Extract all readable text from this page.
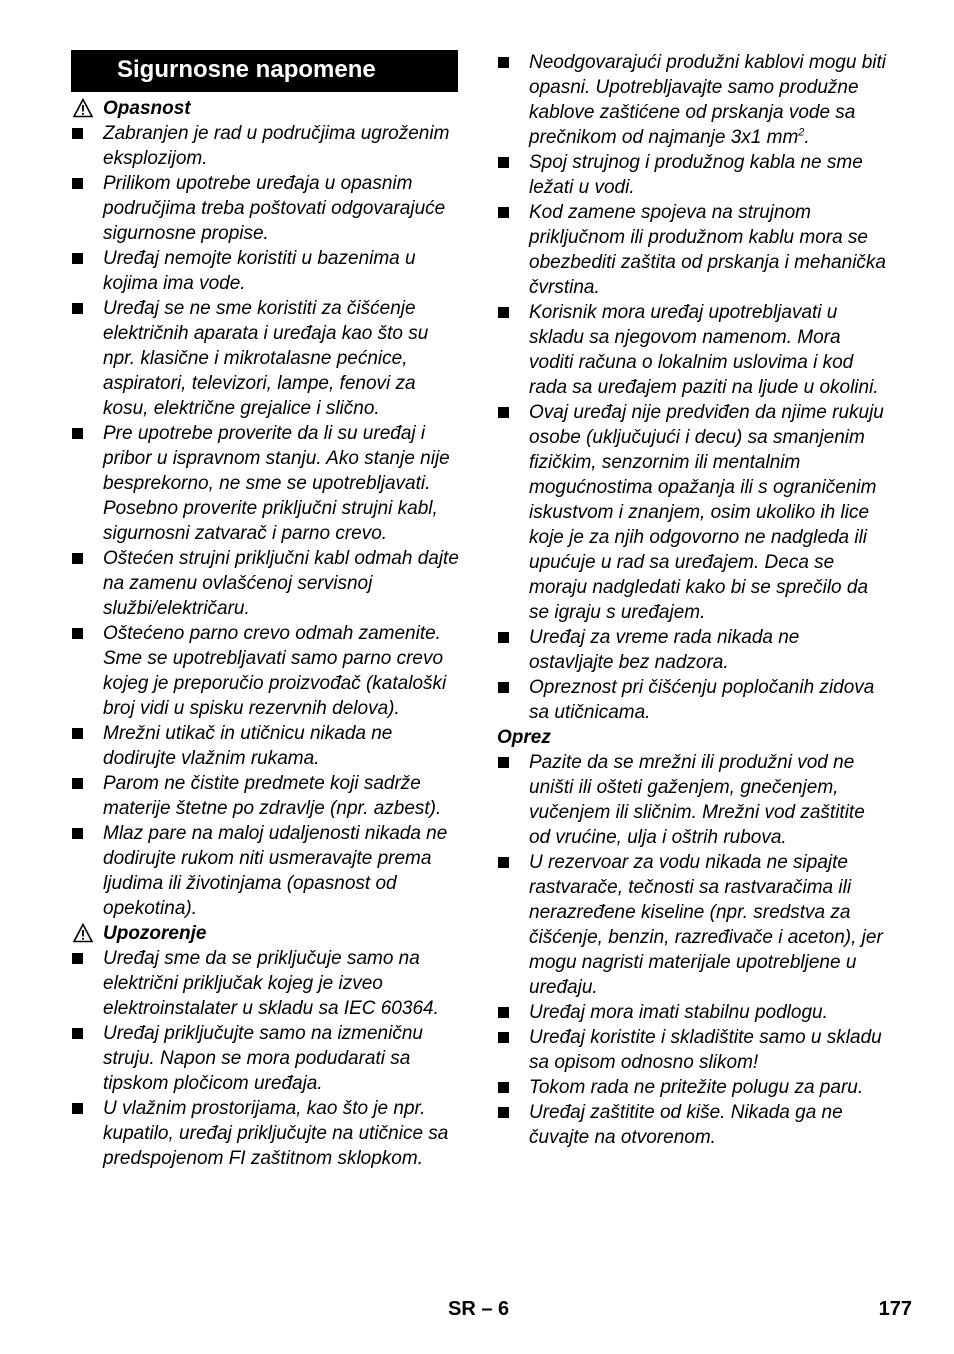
Sigurnosne napomene
Opasnost
Zabranjen je rad u područjima ugroženim eksplozijom.
Prilikom upotrebe uređaja u opasnim područjima treba poštovati odgovarajuće sigurnosne propise.
Uređaj nemojte koristiti u bazenima u kojima ima vode.
Uređaj se ne sme koristiti za čišćenje električnih aparata i uređaja kao što su npr. klasične i mikrotalasne pećnice, aspiratori, televizori, lampe, fenovi za kosu, električne grejalice i slično.
Pre upotrebe proverite da li su uređaj i pribor u ispravnom stanju. Ako stanje nije besprekorno, ne sme se upotrebljavati. Posebno proverite priključni strujni kabl, sigurnosni zatvarač i parno crevo.
Oštećen strujni priključni kabl odmah dajte na zamenu ovlašćenoj servisnoj službi/električaru.
Oštećeno parno crevo odmah zamenite. Sme se upotrebljavati samo parno crevo kojeg je preporučio proizvođač (kataloški broj vidi u spisku rezervnih delova).
Mrežni utikač in utičnicu nikada ne dodirujte vlažnim rukama.
Parom ne čistite predmete koji sadrže materije štetne po zdravlje (npr. azbest).
Mlaz pare na maloj udaljenosti nikada ne dodirujte rukom niti usmeravajte prema ljudima ili životinjama (opasnost od opekotina).
Upozorenje
Uređaj sme da se priključuje samo na električni priključak kojeg je izveo elektroinstalater u skladu sa IEC 60364.
Uređaj priključujte samo na izmeničnu struju. Napon se mora podudarati sa tipskom pločicom uređaja.
U vlažnim prostorijama, kao što je npr. kupatilo, uređaj priključujte na utičnice sa predspojenom FI zaštitnom sklopkom.
Neodgovarajući produžni kablovi mogu biti opasni. Upotrebljavajte samo produžne kablove zaštićene od prskanja vode sa prečnikom od najmanje 3x1 $mm^2$.
Spoj strujnog i produžnog kabla ne sme ležati u vodi.
Kod zamene spojeva na strujnom priključnom ili produžnom kablu mora se obezbediti zaštita od prskanja i mehanička čvrstina.
Korisnik mora uređaj upotrebljavati u skladu sa njegovom namenom. Mora voditi računa o lokalnim uslovima i kod rada sa uređajem paziti na ljude u okolini.
Ovaj uređaj nije predviđen da njime rukuju osobe (uključujući i decu) sa smanjenim fizičkim, senzornim ili mentalnim mogućnostima opažanja ili s ograničenim iskustvom i znanjem, osim ukoliko ih lice koje je za njih odgovorno ne nadgleda ili upućuje u rad sa uređajem. Deca se moraju nadgledati kako bi se sprečilo da se igraju s uređajem.
Uređaj za vreme rada nikada ne ostavljajte bez nadzora.
Opreznost pri čišćenju popločanih zidova sa utičnicama.
Oprez
Pazite da se mrežni ili produžni vod ne uništi ili ošteti gaženjem, gnečenjem, vučenjem ili sličnim. Mrežni vod zaštitite od vrućine, ulja i oštrih rubova.
U rezervoar za vodu nikada ne sipajte rastvarače, tečnosti sa rastvaračima ili nerazređene kiseline (npr. sredstva za čišćenje, benzin, razređivače i aceton), jer mogu nagristi materijale upotrebljene u uređaju.
Uređaj mora imati stabilnu podlogu.
Uređaj koristite i skladištite samo u skladu sa opisom odnosno slikom!
Tokom rada ne pritežite polugu za paru.
Uređaj zaštitite od kiše. Nikada ga ne čuvajte na otvorenom.
SR – 6	177
